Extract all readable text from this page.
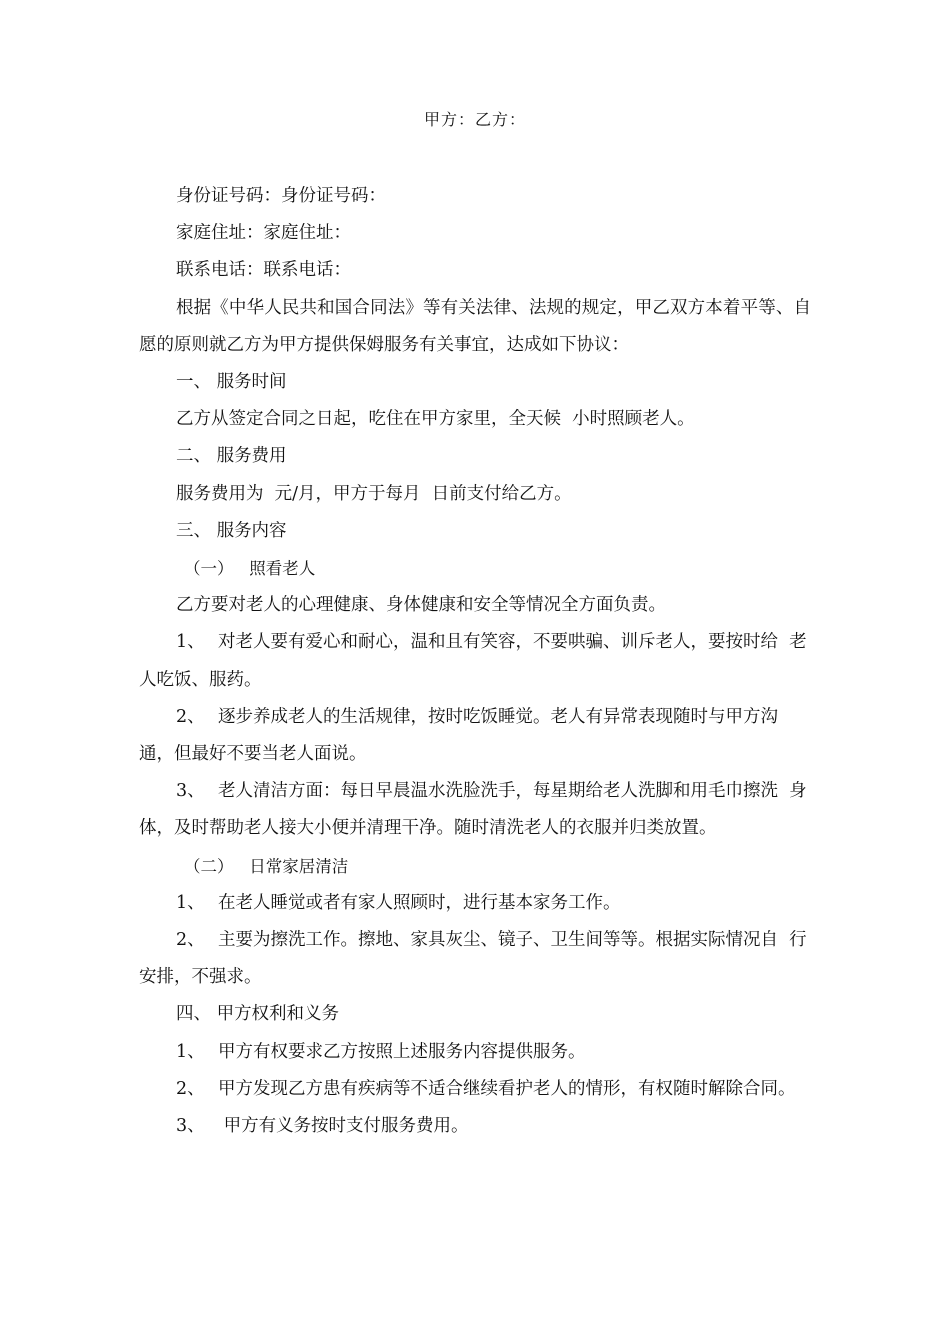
甲方：乙方：

身份证号码：身份证号码：

家庭住址：家庭住址：

联系电话：联系电话：

根据《中华人民共和国合同法》等有关法律、法规的规定，甲乙双方本着平等、自愿的原则就乙方为甲方提供保姆服务有关事宜，达成如下协议：

一、 服务时间

乙方从签定合同之日起，吃住在甲方家里，全天候  小时照顾老人。

二、 服务费用

服务费用为  元/月，甲方于每月  日前支付给乙方。

三、 服务内容

（一）   照看老人

乙方要对老人的心理健康、身体健康和安全等情况全方面负责。

1、 对老人要有爱心和耐心，温和且有笑容，不要哄骗、训斥老人，要按时给  老人吃饭、服药。

2、 逐步养成老人的生活规律，按时吃饭睡觉。老人有异常表现随时与甲方沟  通，但最好不要当老人面说。

3、 老人清洁方面：每日早晨温水洗脸洗手，每星期给老人洗脚和用毛巾擦洗  身体，及时帮助老人接大小便并清理干净。随时清洗老人的衣服并归类放置。

（二）   日常家居清洁

1、 在老人睡觉或者有家人照顾时，进行基本家务工作。

2、 主要为擦洗工作。擦地、家具灰尘、镜子、卫生间等等。根据实际情况自  行安排，不强求。

四、 甲方权利和义务

1、 甲方有权要求乙方按照上述服务内容提供服务。

2、 甲方发现乙方患有疾病等不适合继续看护老人的情形，有权随时解除合同。

3、 甲方有义务按时支付服务费用。
